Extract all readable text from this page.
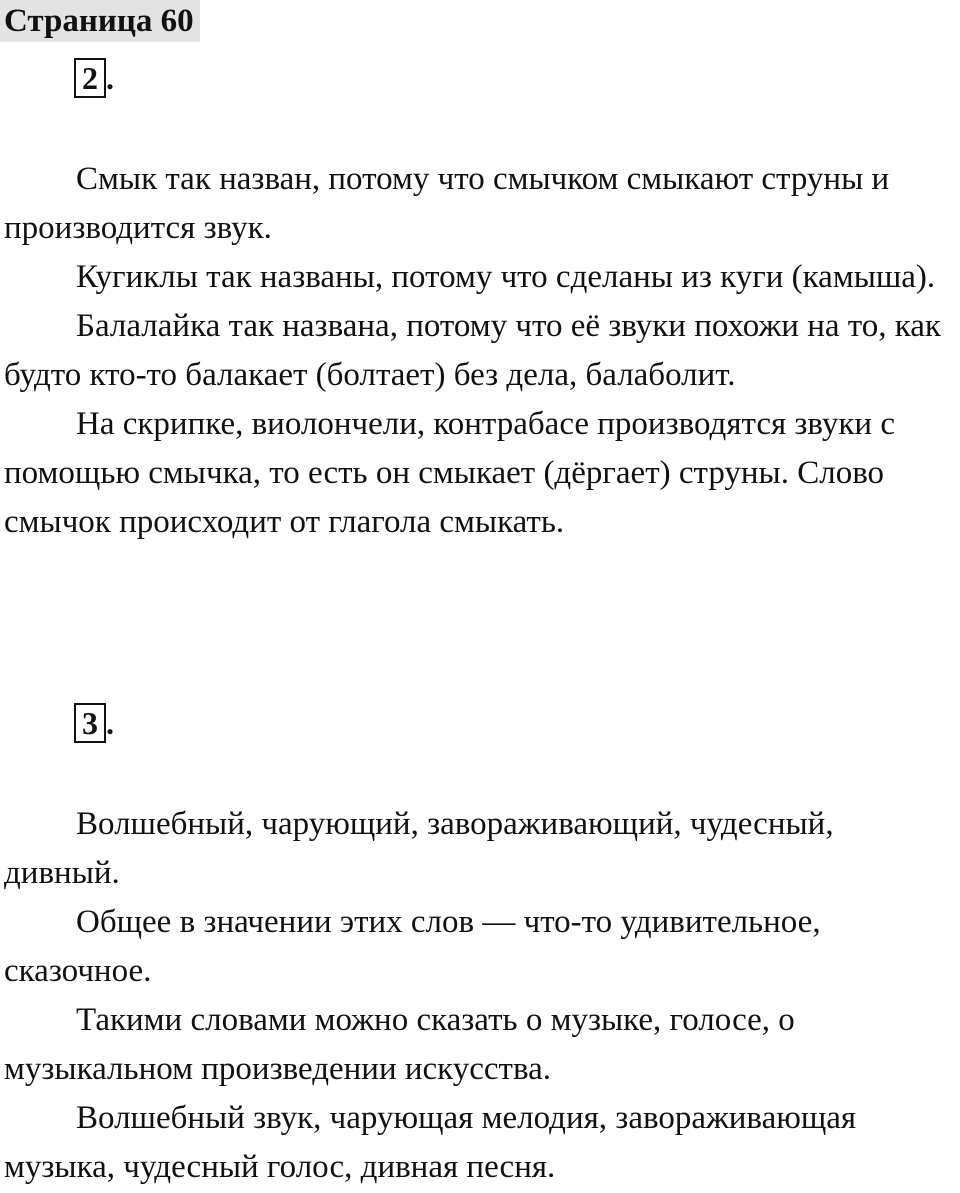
Страница 60
2 .

Смык так назван, потому что смычком смыкают струны и производится звук.

Кугиклы так названы, потому что сделаны из куги (камыша).

Балалайка так названа, потому что её звуки похожи на то, как будто кто-то балакает (болтает) без дела, балаболит.

На скрипке, виолончели, контрабасе производятся звуки с помощью смычка, то есть он смыкает (дёргает) струны. Слово смычок происходит от глагола смыкать.

3 .

Волшебный, чарующий, завораживающий, чудесный, дивный.

Общее в значении этих слов — что-то удивительное, сказочное.

Такими словами можно сказать о музыке, голосе, о музыкальном произведении искусства.

Волшебный звук, чарующая мелодия, завораживающая музыка, чудесный голос, дивная песня.
